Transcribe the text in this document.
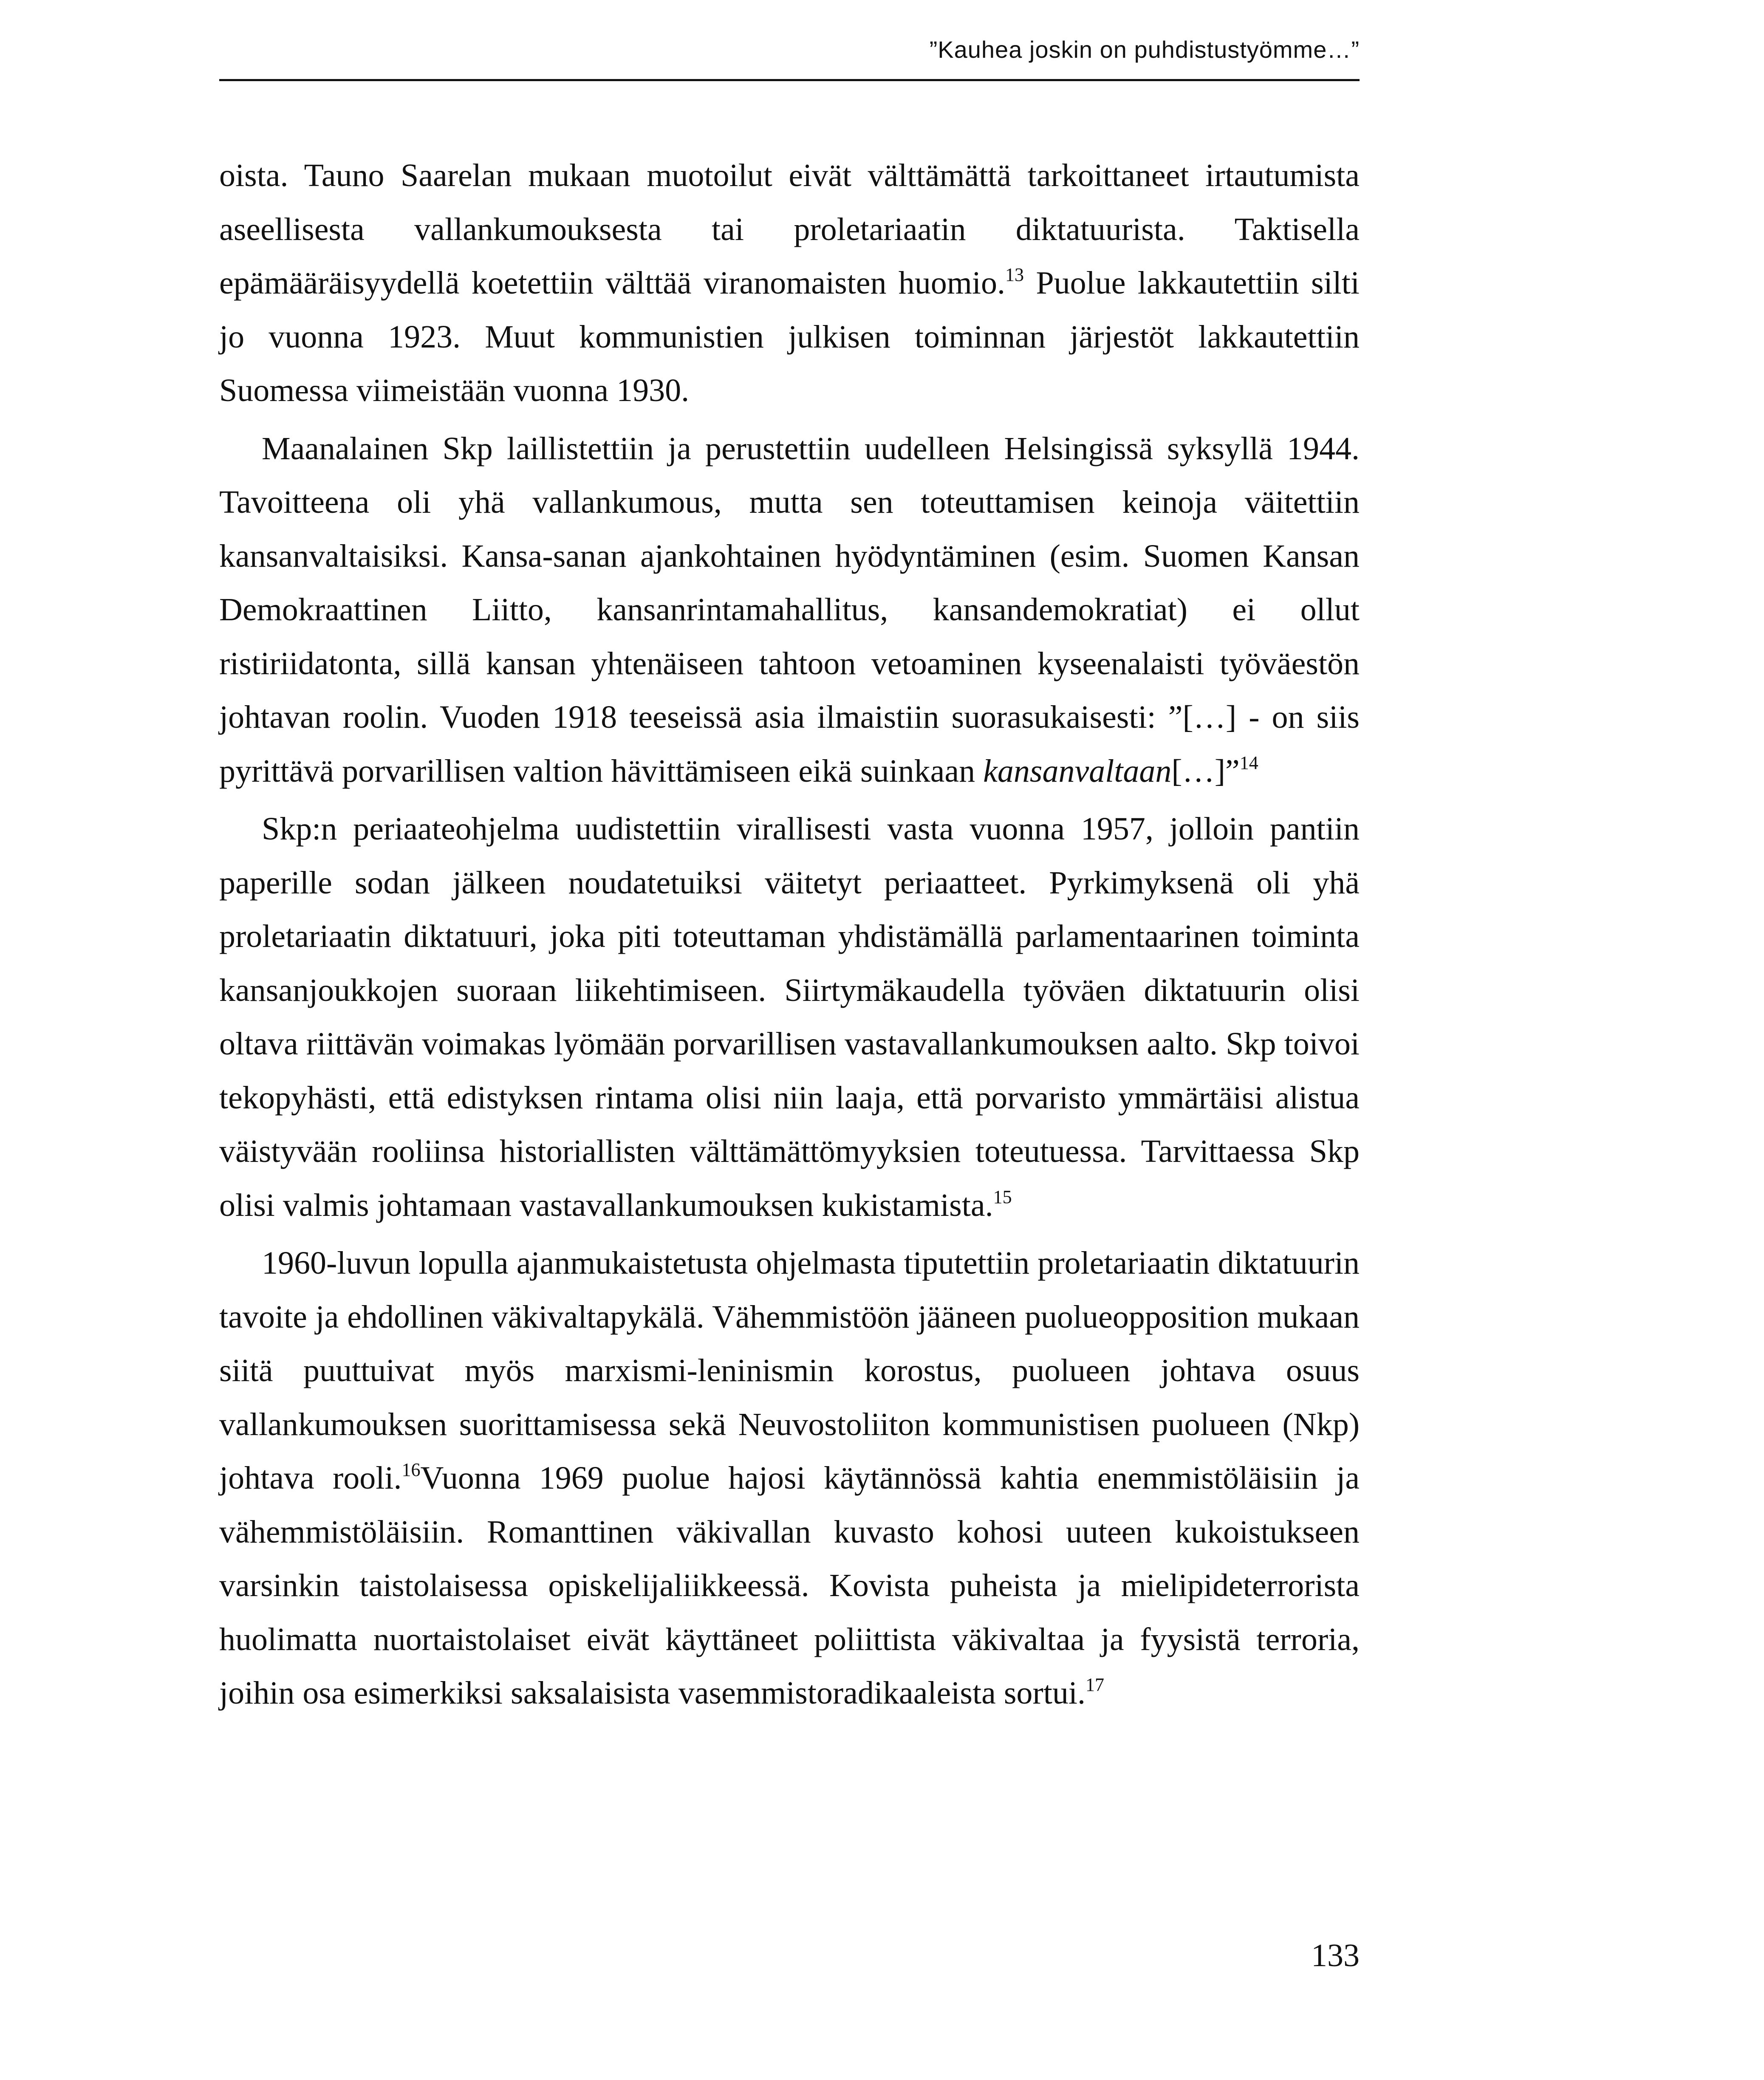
”Kauhea joskin on puhdistustyömme…”

oista. Tauno Saarelan mukaan muotoilut eivät välttämättä tarkoittaneet irtautumista aseellisesta vallankumouksesta tai proletariaatin diktatuurista. Taktisella epämääräisyydellä koetettiin välttää viranomaisten huomio.$^{13}$ Puolue lakkautettiin silti jo vuonna 1923. Muut kommunistien julkisen toiminnan järjestöt lakkautettiin Suomessa viimeistään vuonna 1930.

Maanalainen Skp laillistettiin ja perustettiin uudelleen Helsingissä syksyllä 1944. Tavoitteena oli yhä vallankumous, mutta sen toteuttamisen keinoja väitettiin kansanvaltaisiksi. Kansa-sanan ajankohtainen hyödyntäminen (esim. Suomen Kansan Demokraattinen Liitto, kansanrintamahallitus, kansandemokratiat) ei ollut ristiriidatonta, sillä kansan yhtenäiseen tahtoon vetoaminen kyseenalaisti työväestön johtavan roolin. Vuoden 1918 teeseissä asia ilmaistiin suorasukaisesti: ”[…] - on siis pyrittävä porvarillisen valtion hävittämiseen eikä suinkaan kansanvaltaan[…]”$^{14}$

Skp:n periaateohjelma uudistettiin virallisesti vasta vuonna 1957, jolloin pantiin paperille sodan jälkeen noudatetuiksi väitetyt periaatteet. Pyrkimyksenä oli yhä proletariaatin diktatuuri, joka piti toteuttaman yhdistämällä parlamentaarinen toiminta kansanjoukkojen suoraan liikehtimiseen. Siirtymäkaudella työväen diktatuurin olisi oltava riittävän voimakas lyömään porvarillisen vastavallankumouksen aalto. Skp toivoi tekopyhästi, että edistyksen rintama olisi niin laaja, että porvaristo ymmärtäisi alistua väistyvään rooliinsa historiallisten välttämättömyyksien toteutuessa. Tarvittaessa Skp olisi valmis johtamaan vastavallankumouksen kukistamista.$^{15}$

1960-luvun lopulla ajanmukaistetusta ohjelmasta tiputettiin proletariaatin diktatuurin tavoite ja ehdollinen väkivaltapykälä. Vähemmistöön jääneen puolueopposition mukaan siitä puuttuivat myös marxismi-leninismin korostus, puolueen johtava osuus vallankumouksen suorittamisessa sekä Neuvostoliiton kommunistisen puolueen (Nkp) johtava rooli.$^{16}$Vuonna 1969 puolue hajosi käytännössä kahtia enemmistöläisiin ja vähemmistöläisiin. Romanttinen väkivallan kuvasto kohosi uuteen kukoistukseen varsinkin taistolaisessa opiskelijaliikkeessä. Kovista puheista ja mielipideterrorista huolimatta nuortaistolaiset eivät käyttäneet poliittista väkivaltaa ja fyysistä terroria, joihin osa esimerkiksi saksalaisista vasemmistoradikaaleista sortui.$^{17}$

133
